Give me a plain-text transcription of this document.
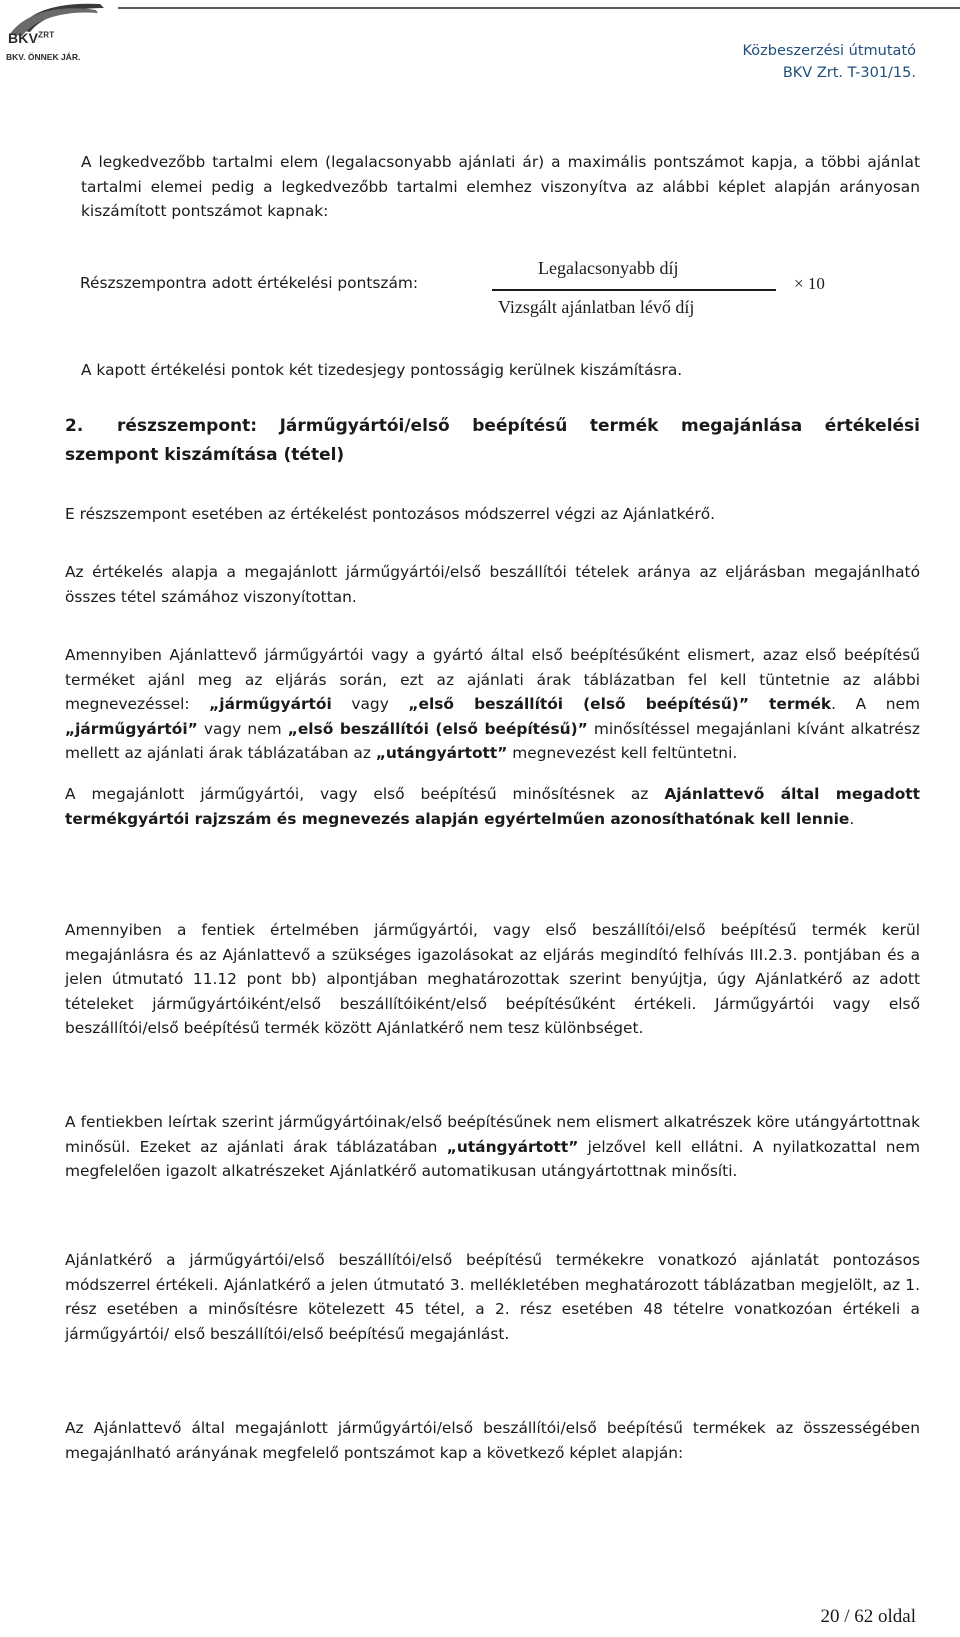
$BKV^{ZRT}$
BKV. ÖNNEK JÁR.	Közbeszerzési útmutató
BKV Zrt. T-301/15.
A legkedvezőbb tartalmi elem (legalacsonyabb ajánlati ár) a maximális pontszámot kapja, a többi ajánlat tartalmi elemei pedig a legkedvezőbb tartalmi elemhez viszonyítva az alábbi képlet alapján arányosan kiszámított pontszámot kapnak:
Részszempontra adott értékelési pontszám:
Legalacsonyabb díj
Vizsgált ajánlatban lévő díj
× 10
A kapott értékelési pontok két tizedesjegy pontosságig kerülnek kiszámításra.
2. részszempont: Járműgyártói/első beépítésű termék megajánlása értékelési
szempont kiszámítása (tétel)
E részszempont esetében az értékelést pontozásos módszerrel végzi az Ajánlatkérő.
Az értékelés alapja a megajánlott járműgyártói/első beszállítói tételek aránya az eljárásban megajánlható összes tétel számához viszonyítottan.
Amennyiben Ajánlattevő járműgyártói vagy a gyártó által első beépítésűként elismert, azaz első beépítésű terméket ajánl meg az eljárás során, ezt az ajánlati árak táblázatban fel kell tüntetnie az alábbi megnevezéssel: „járműgyártói vagy „első beszállítói (első beépítésű)” termék. A nem „járműgyártói” vagy nem „első beszállítói (első beépítésű)” minősítéssel megajánlani kívánt alkatrész mellett az ajánlati árak táblázatában az „utángyártott” megnevezést kell feltüntetni.
A megajánlott járműgyártói, vagy első beépítésű minősítésnek az Ajánlattevő által megadott termékgyártói rajzszám és megnevezés alapján egyértelműen azonosíthatónak kell lennie.
Amennyiben a fentiek értelmében járműgyártói, vagy első beszállítói/első beépítésű termék kerül megajánlásra és az Ajánlattevő a szükséges igazolásokat az eljárás megindító felhívás III.2.3. pontjában és a jelen útmutató 11.12 pont bb) alpontjában meghatározottak szerint benyújtja, úgy Ajánlatkérő az adott tételeket járműgyártóiként/első beszállítóiként/első beépítésűként értékeli. Járműgyártói vagy első beszállítói/első beépítésű termék között Ajánlatkérő nem tesz különbséget.
A fentiekben leírtak szerint járműgyártóinak/első beépítésűnek nem elismert alkatrészek köre utángyártottnak minősül. Ezeket az ajánlati árak táblázatában „utángyártott” jelzővel kell ellátni. A nyilatkozattal nem megfelelően igazolt alkatrészeket Ajánlatkérő automatikusan utángyártottnak minősíti.
Ajánlatkérő a járműgyártói/első beszállítói/első beépítésű termékekre vonatkozó ajánlatát pontozásos módszerrel értékeli. Ajánlatkérő a jelen útmutató 3. mellékletében meghatározott táblázatban megjelölt, az 1. rész esetében a minősítésre kötelezett 45 tétel, a 2. rész esetében 48 tételre vonatkozóan értékeli a járműgyártói/ első beszállítói/első beépítésű megajánlást.
Az Ajánlattevő által megajánlott járműgyártói/első beszállítói/első beépítésű termékek az összességében megajánlható arányának megfelelő pontszámot kap a következő képlet alapján:
20 / 62 oldal
